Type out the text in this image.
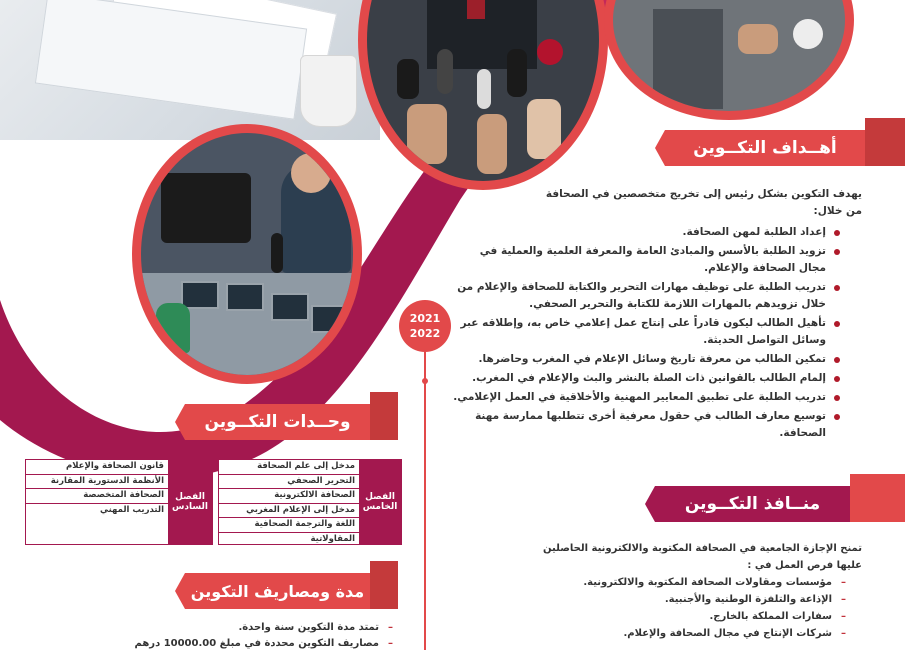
2021
2022
أهــداف التكــوين
يهدف التكوين بشكل رئيس إلى تخريج متخصصين في الصحافة
من خلال:
إعداد الطلبة لمهن الصحافة.
تزويد الطلبة بالأسس والمبادئ العامة والمعرفة العلمية والعملية في مجال الصحافة والإعلام.
تدريب الطلبة على توظيف مهارات التحرير والكتابة للصحافة والإعلام من خلال تزويدهم بالمهارات اللازمة للكتابة والتحرير الصحفي.
تأهيل الطالب ليكون قادراً على إنتاج عمل إعلامي خاص به، وإطلاقه عبر وسائل التواصل الحديثة.
تمكين الطالب من معرفة تاريخ وسائل الإعلام في المغرب وحاضرها.
إلمام الطالب بالقوانين ذات الصلة بالنشر والبث والإعلام في المغرب.
تدريب الطلبة على تطبيق المعايير المهنية والأخلاقية في العمل الإعلامي.
توسيع معارف الطالب في حقول معرفية أخرى تتطلبها ممارسة مهنة الصحافة.
منــافذ التكــوين
تمنح الإجازة الجامعية في الصحافة المكتوبة والالكترونية الحاصلين
عليها فرص العمل في :
– مؤسسات ومقاولات الصحافة المكتوبة والالكترونية.
– الإذاعة والتلفزة الوطنية والأجنبية.
– سفارات المملكة بالخارج.
– شركات الإنتاج في مجال الصحافة والإعلام.
وحــدات التكــوين
مدخل إلى علم الصحافة
التحرير الصحفي
الصحافة الالكترونية
مدخل إلى الإعلام المغربي
اللغة والترجمة الصحافية
المقاولاتية
الفصل الخامس
قانون الصحافة والإعلام
الأنظمة الدستورية المقارنة
الصحافة المتخصصة
التدريب المهني
الفصل السادس
مدة ومصاريف التكوين
– تمتد مدة التكوين سنة واحدة.
– مصاريف التكوين محددة في مبلغ 10000.00 درهم
